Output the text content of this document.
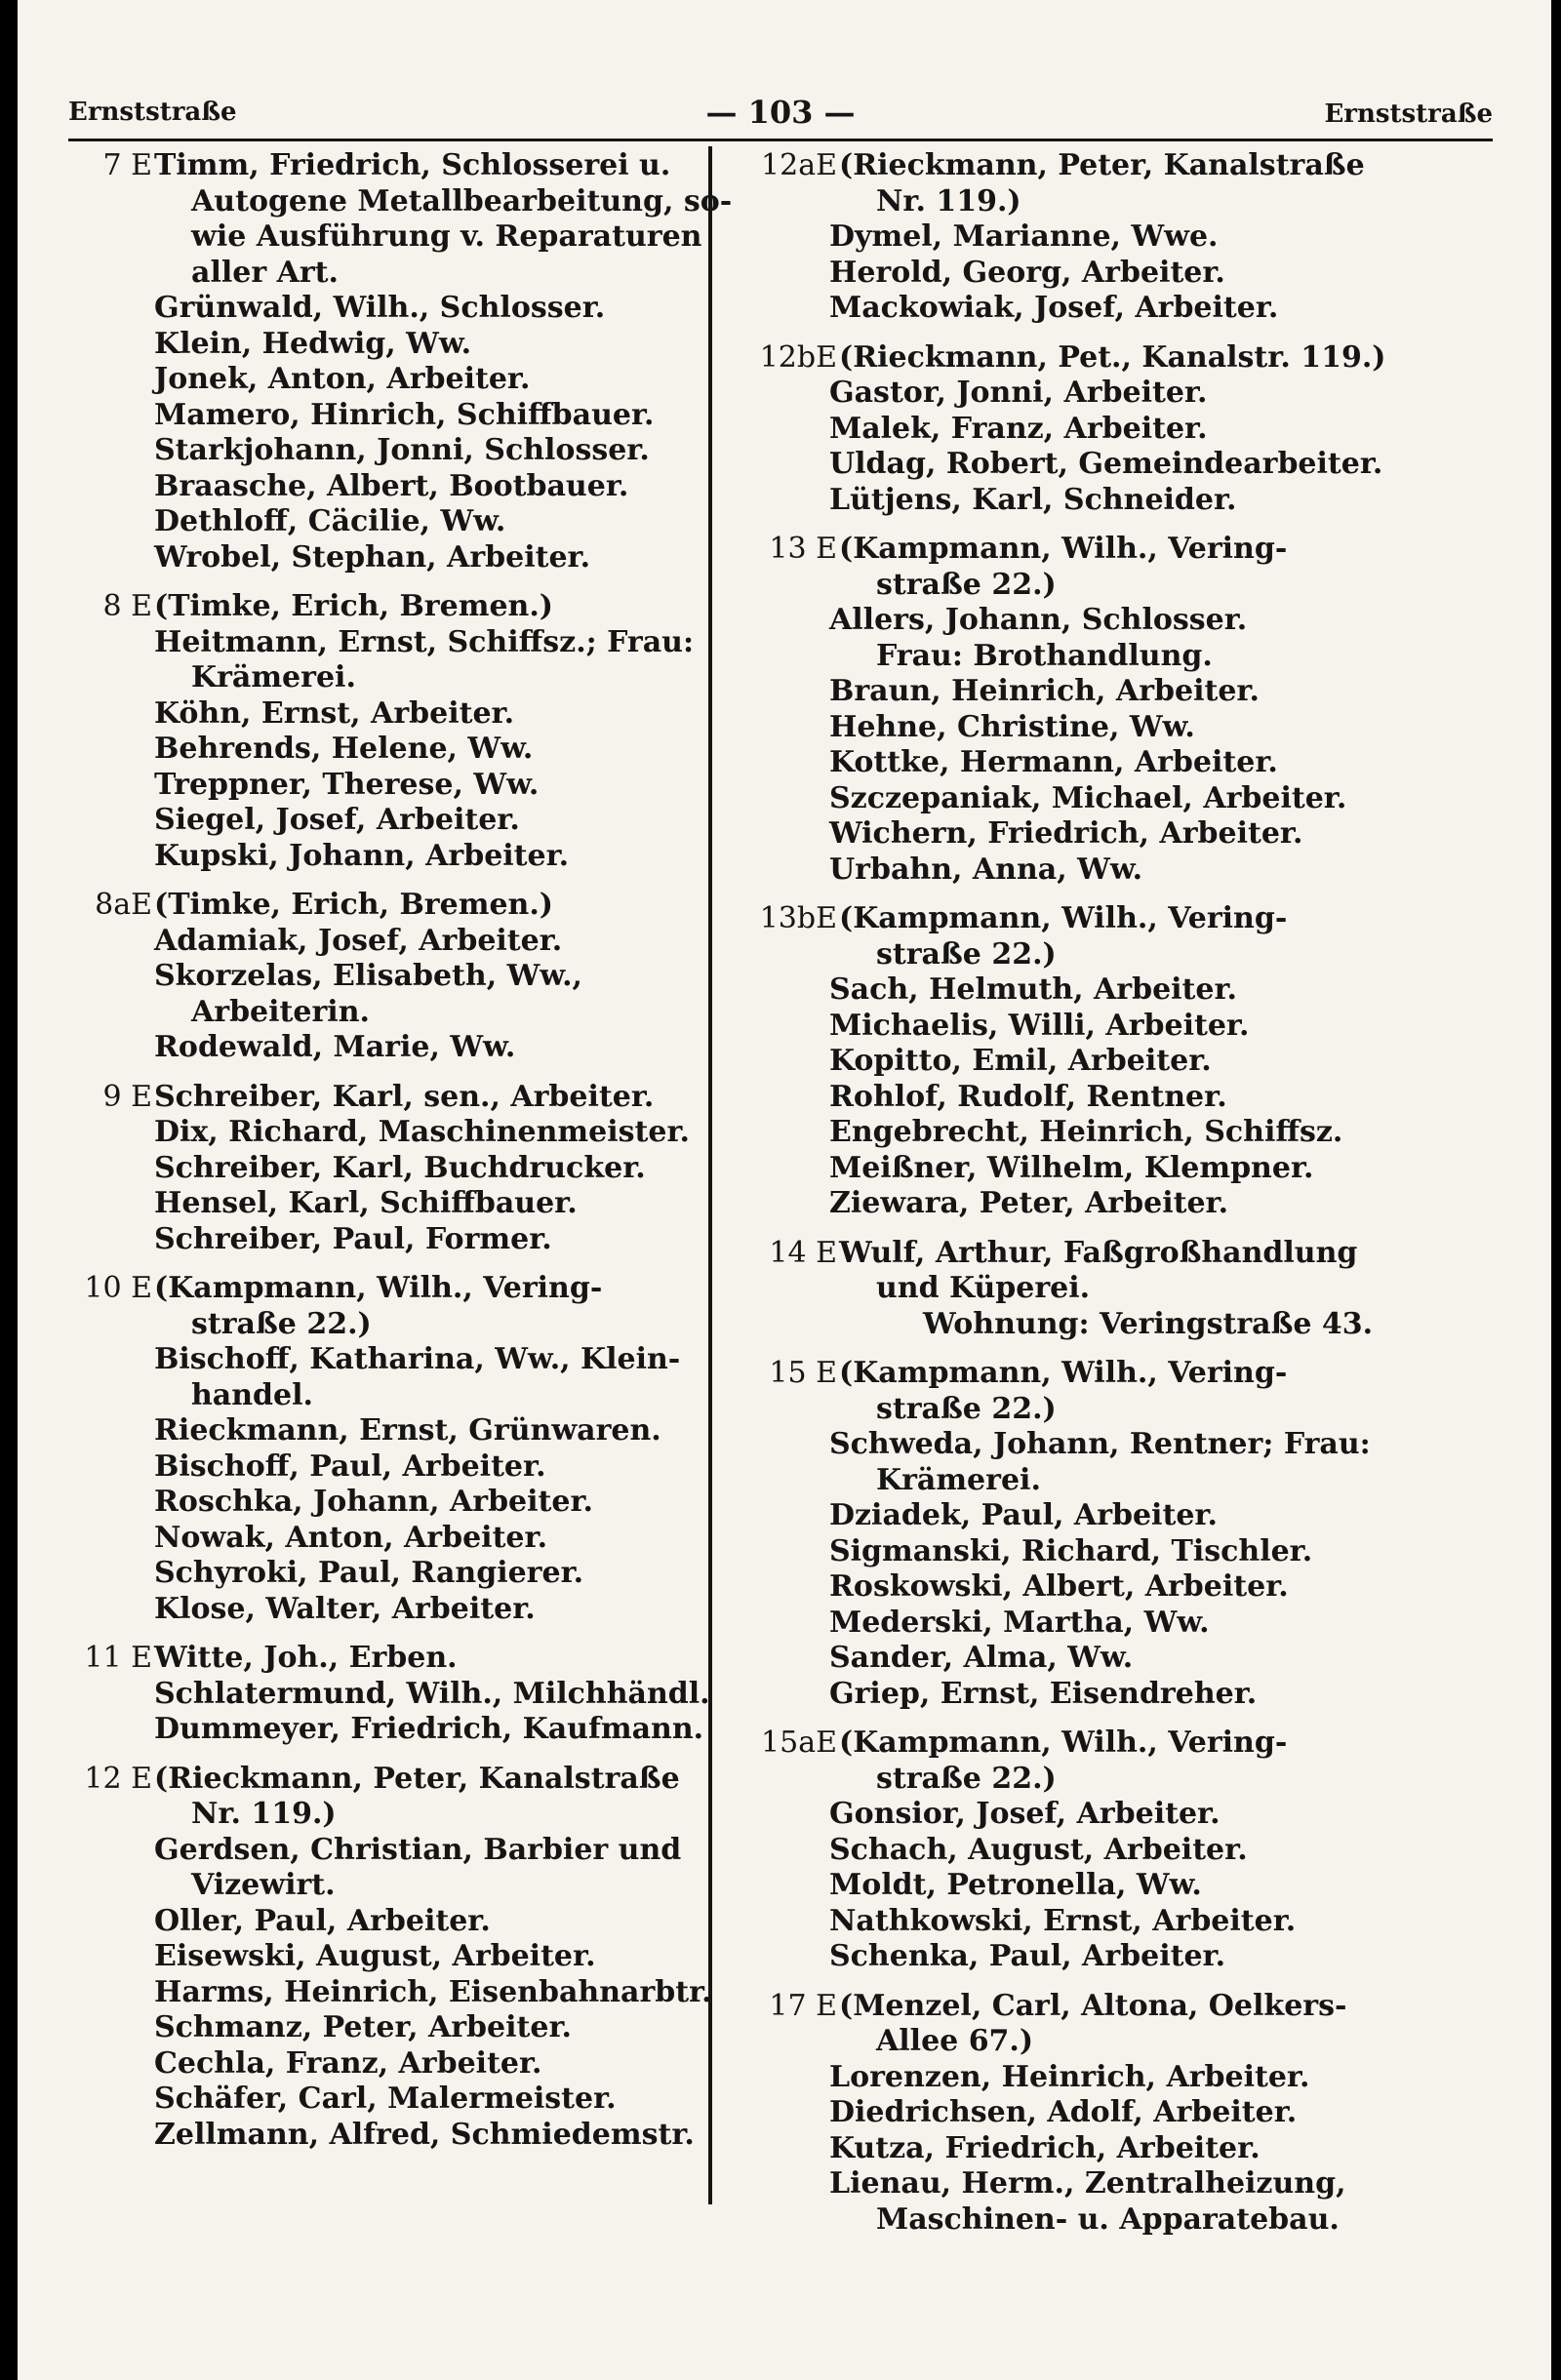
Ernststraße	— 103 —	Ernststraße
7 E Timm, Friedrich, Schlosserei u.
Autogene Metallbearbeitung, so-
wie Ausführung v. Reparaturen
aller Art.
Grünwald, Wilh., Schlosser.
Klein, Hedwig, Ww.
Jonek, Anton, Arbeiter.
Mamero, Hinrich, Schiffbauer.
Starkjohann, Jonni, Schlosser.
Braasche, Albert, Bootbauer.
Dethloff, Cäcilie, Ww.
Wrobel, Stephan, Arbeiter.
8 E (Timke, Erich, Bremen.)
Heitmann, Ernst, Schiffsz.; Frau:
Krämerei.
Köhn, Ernst, Arbeiter.
Behrends, Helene, Ww.
Treppner, Therese, Ww.
Siegel, Josef, Arbeiter.
Kupski, Johann, Arbeiter.
8aE (Timke, Erich, Bremen.)
Adamiak, Josef, Arbeiter.
Skorzelas, Elisabeth, Ww.,
Arbeiterin.
Rodewald, Marie, Ww.
9 E Schreiber, Karl, sen., Arbeiter.
Dix, Richard, Maschinenmeister.
Schreiber, Karl, Buchdrucker.
Hensel, Karl, Schiffbauer.
Schreiber, Paul, Former.
10 E (Kampmann, Wilh., Vering-
straße 22.)
Bischoff, Katharina, Ww., Klein-
handel.
Rieckmann, Ernst, Grünwaren.
Bischoff, Paul, Arbeiter.
Roschka, Johann, Arbeiter.
Nowak, Anton, Arbeiter.
Schyroki, Paul, Rangierer.
Klose, Walter, Arbeiter.
11 E Witte, Joh., Erben.
Schlatermund, Wilh., Milchhändl.
Dummeyer, Friedrich, Kaufmann.
12 E (Rieckmann, Peter, Kanalstraße
Nr. 119.)
Gerdsen, Christian, Barbier und
Vizewirt.
Oller, Paul, Arbeiter.
Eisewski, August, Arbeiter.
Harms, Heinrich, Eisenbahnarbtr.
Schmanz, Peter, Arbeiter.
Cechla, Franz, Arbeiter.
Schäfer, Carl, Malermeister.
Zellmann, Alfred, Schmiedemstr.
12aE (Rieckmann, Peter, Kanalstraße
Nr. 119.)
Dymel, Marianne, Wwe.
Herold, Georg, Arbeiter.
Mackowiak, Josef, Arbeiter.
12bE (Rieckmann, Pet., Kanalstr. 119.)
Gastor, Jonni, Arbeiter.
Malek, Franz, Arbeiter.
Uldag, Robert, Gemeindearbeiter.
Lütjens, Karl, Schneider.
13 E (Kampmann, Wilh., Vering-
straße 22.)
Allers, Johann, Schlosser.
Frau: Brothandlung.
Braun, Heinrich, Arbeiter.
Hehne, Christine, Ww.
Kottke, Hermann, Arbeiter.
Szczepaniak, Michael, Arbeiter.
Wichern, Friedrich, Arbeiter.
Urbahn, Anna, Ww.
13bE (Kampmann, Wilh., Vering-
straße 22.)
Sach, Helmuth, Arbeiter.
Michaelis, Willi, Arbeiter.
Kopitto, Emil, Arbeiter.
Rohlof, Rudolf, Rentner.
Engebrecht, Heinrich, Schiffsz.
Meißner, Wilhelm, Klempner.
Ziewara, Peter, Arbeiter.
14 E Wulf, Arthur, Faßgroßhandlung
und Küperei.
Wohnung: Veringstraße 43.
15 E (Kampmann, Wilh., Vering-
straße 22.)
Schweda, Johann, Rentner; Frau:
Krämerei.
Dziadek, Paul, Arbeiter.
Sigmanski, Richard, Tischler.
Roskowski, Albert, Arbeiter.
Mederski, Martha, Ww.
Sander, Alma, Ww.
Griep, Ernst, Eisendreher.
15aE (Kampmann, Wilh., Vering-
straße 22.)
Gonsior, Josef, Arbeiter.
Schach, August, Arbeiter.
Moldt, Petronella, Ww.
Nathkowski, Ernst, Arbeiter.
Schenka, Paul, Arbeiter.
17 E (Menzel, Carl, Altona, Oelkers-
Allee 67.)
Lorenzen, Heinrich, Arbeiter.
Diedrichsen, Adolf, Arbeiter.
Kutza, Friedrich, Arbeiter.
Lienau, Herm., Zentralheizung,
Maschinen- u. Apparatebau.
